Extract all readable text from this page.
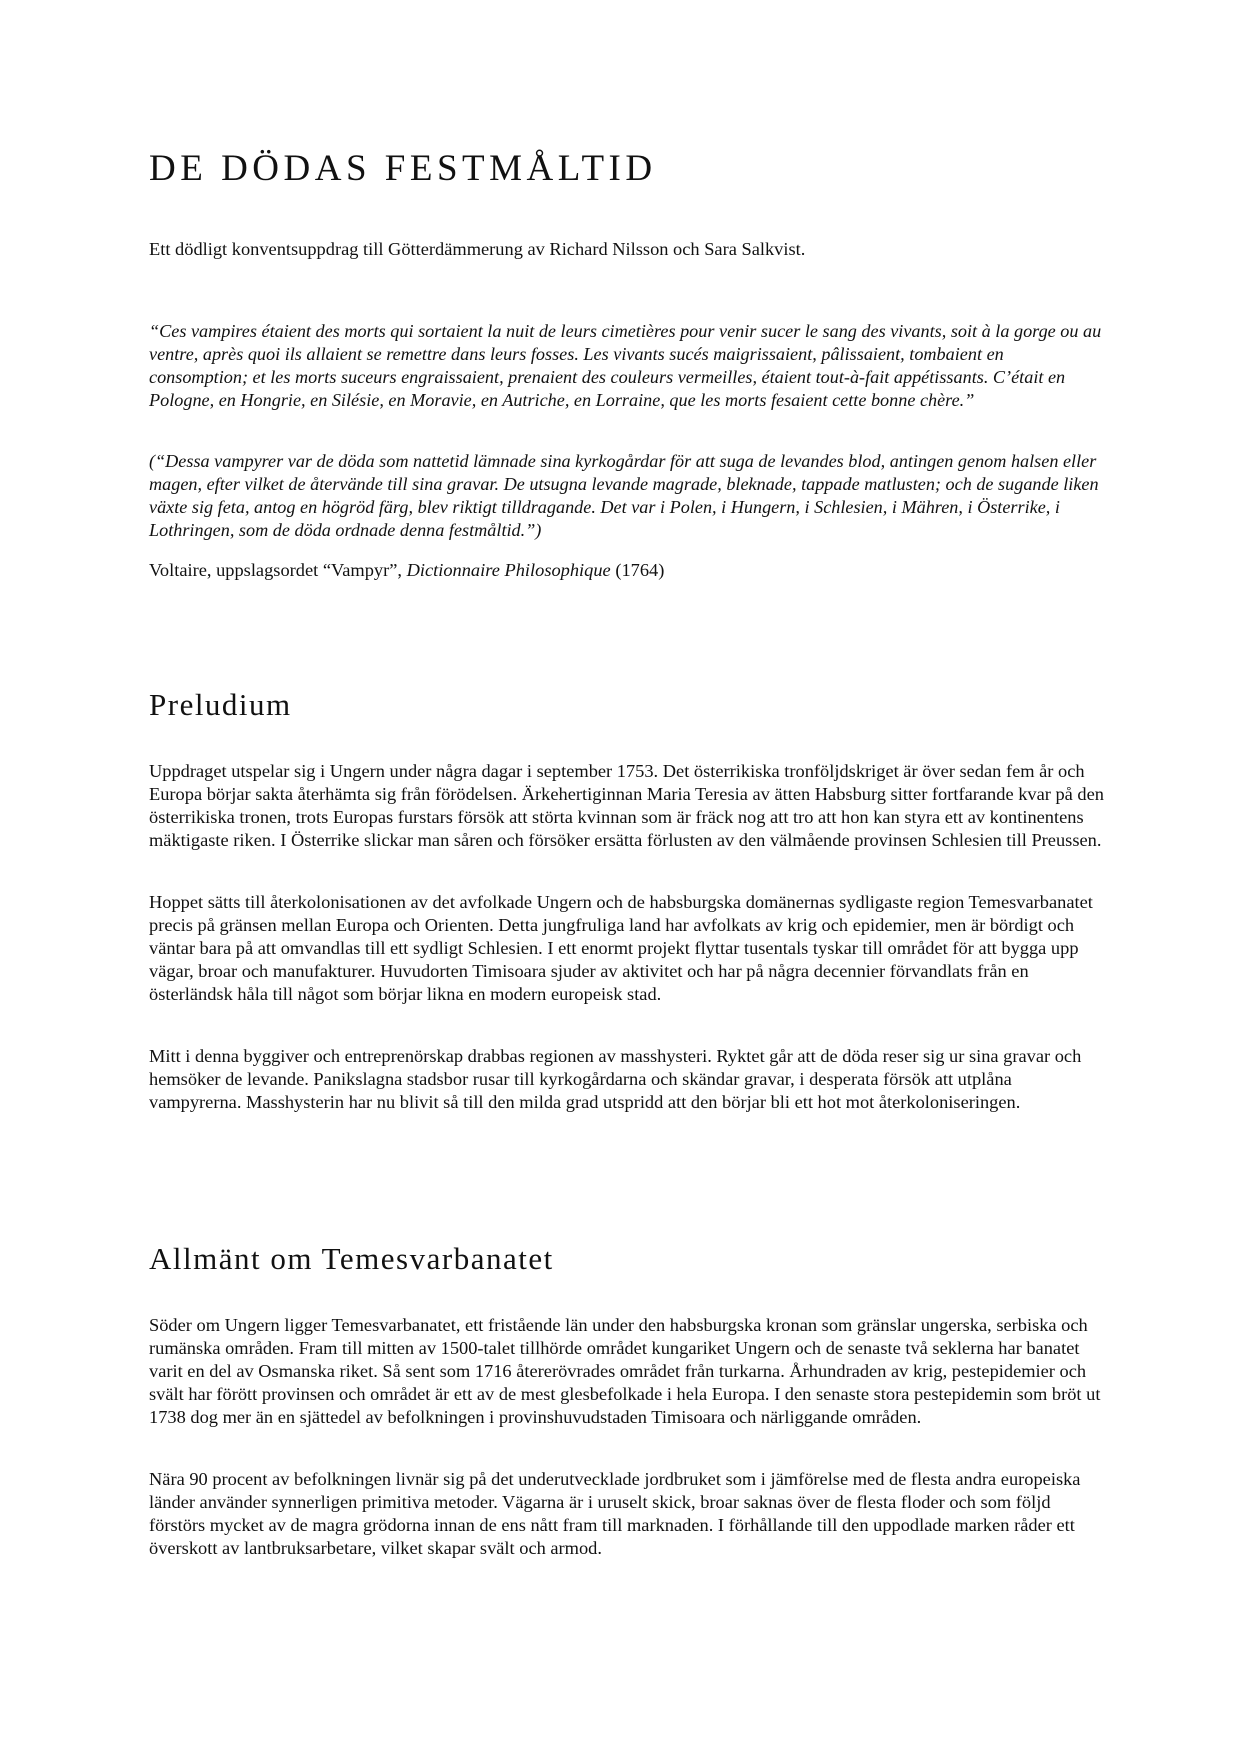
DE DÖDAS FESTMÅLTID

Ett dödligt konventsuppdrag till Götterdämmerung av Richard Nilsson och Sara Salkvist.

“Ces vampires étaient des morts qui sortaient la nuit de leurs cimetières pour venir sucer le sang des vivants, soit à la gorge ou au ventre, après quoi ils allaient se remettre dans leurs fosses. Les vivants sucés maigrissaient, pâlissaient, tombaient en consomption; et les morts suceurs engraissaient, prenaient des couleurs vermeilles, étaient tout-à-fait appétissants. C’était en Pologne, en Hongrie, en Silésie, en Moravie, en Autriche, en Lorraine, que les morts fesaient cette bonne chère.”

(“Dessa vampyrer var de döda som nattetid lämnade sina kyrkogårdar för att suga de levandes blod, antingen genom halsen eller magen, efter vilket de återvände till sina gravar. De utsugna levande magrade, bleknade, tappade matlusten; och de sugande liken växte sig feta, antog en högröd färg, blev riktigt tilldragande. Det var i Polen, i Hungern, i Schlesien, i Mähren, i Österrike, i Lothringen, som de döda ordnade denna festmåltid.”)

Voltaire, uppslagsordet “Vampyr”, Dictionnaire Philosophique (1764)

Preludium

Uppdraget utspelar sig i Ungern under några dagar i september 1753. Det österrikiska tronföljdskriget är över sedan fem år och Europa börjar sakta återhämta sig från förödelsen. Ärkehertiginnan Maria Teresia av ätten Habsburg sitter fortfarande kvar på den österrikiska tronen, trots Europas furstars försök att störta kvinnan som är fräck nog att tro att hon kan styra ett av kontinentens mäktigaste riken. I Österrike slickar man såren och försöker ersätta förlusten av den välmående provinsen Schlesien till Preussen.

Hoppet sätts till återkolonisationen av det avfolkade Ungern och de habsburgska domänernas sydligaste region Temesvarbanatet precis på gränsen mellan Europa och Orienten. Detta jungfruliga land har avfolkats av krig och epidemier, men är bördigt och väntar bara på att omvandlas till ett sydligt Schlesien. I ett enormt projekt flyttar tusentals tyskar till området för att bygga upp vägar, broar och manufakturer. Huvudorten Timisoara sjuder av aktivitet och har på några decennier förvandlats från en österländsk håla till något som börjar likna en modern europeisk stad.

Mitt i denna byggiver och entreprenörskap drabbas regionen av masshysteri. Ryktet går att de döda reser sig ur sina gravar och hemsöker de levande. Panikslagna stadsbor rusar till kyrkogårdarna och skändar gravar, i desperata försök att utplåna vampyrerna. Masshysterin har nu blivit så till den milda grad utspridd att den börjar bli ett hot mot återkoloniseringen.

Allmänt om Temesvarbanatet

Söder om Ungern ligger Temesvarbanatet, ett fristående län under den habsburgska kronan som gränslar ungerska, serbiska och rumänska områden. Fram till mitten av 1500-talet tillhörde området kungariket Ungern och de senaste två seklerna har banatet varit en del av Osmanska riket. Så sent som 1716 återerövrades området från turkarna. Århundraden av krig, pestepidemier och svält har förött provinsen och området är ett av de mest glesbefolkade i hela Europa. I den senaste stora pestepidemin som bröt ut 1738 dog mer än en sjättedel av befolkningen i provinshuvudstaden Timisoara och närliggande områden.

Nära 90 procent av befolkningen livnär sig på det underutvecklade jordbruket som i jämförelse med de flesta andra europeiska länder använder synnerligen primitiva metoder. Vägarna är i uruselt skick, broar saknas över de flesta floder och som följd förstörs mycket av de magra grödorna innan de ens nått fram till marknaden. I förhållande till den uppodlade marken råder ett överskott av lantbruksarbetare, vilket skapar svält och armod.
